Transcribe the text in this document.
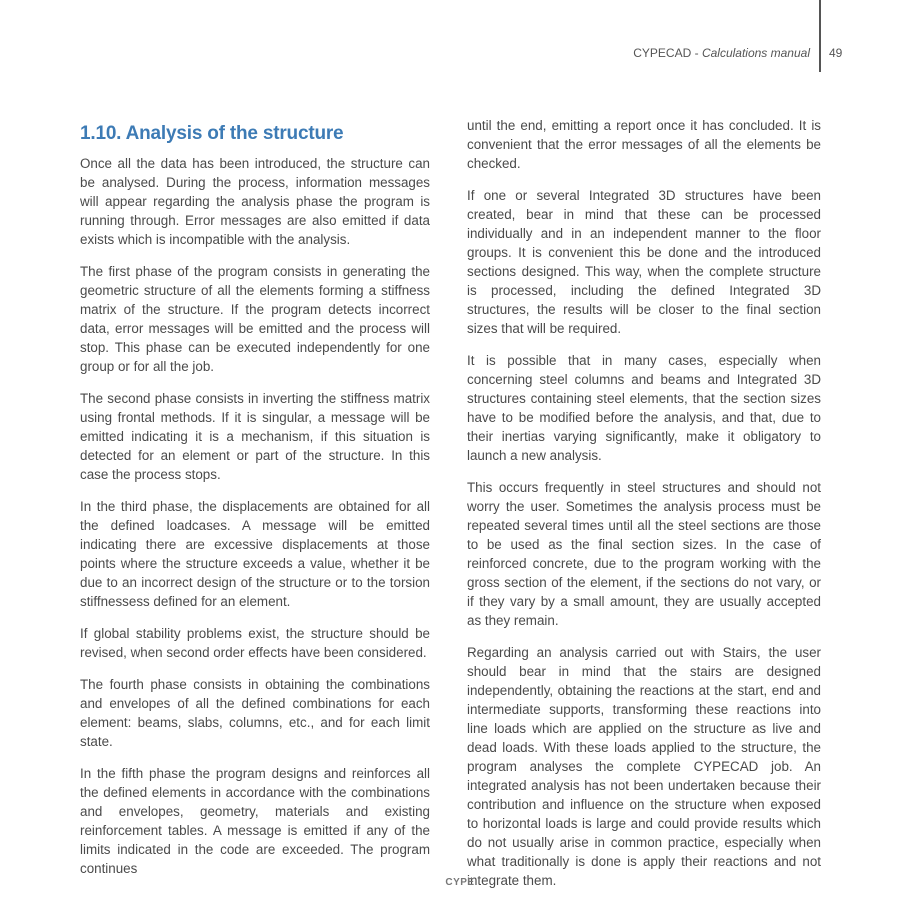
CYPECAD - Calculations manual 49
1.10. Analysis of the structure

Once all the data has been introduced, the structure can be analysed. During the process, information messages will appear regarding the analysis phase the program is running through. Error messages are also emitted if data exists which is incompatible with the analysis.

The first phase of the program consists in generating the geometric structure of all the elements forming a stiffness matrix of the structure. If the program detects incorrect data, error messages will be emitted and the process will stop. This phase can be executed independently for one group or for all the job.

The second phase consists in inverting the stiffness matrix using frontal methods. If it is singular, a message will be emitted indicating it is a mechanism, if this situation is detected for an element or part of the structure. In this case the process stops.

In the third phase, the displacements are obtained for all the defined loadcases. A message will be emitted indicating there are excessive displacements at those points where the structure exceeds a value, whether it be due to an incorrect design of the structure or to the torsion stiffnessess defined for an element.

If global stability problems exist, the structure should be revised, when second order effects have been considered.

The fourth phase consists in obtaining the combinations and envelopes of all the defined combinations for each element: beams, slabs, columns, etc., and for each limit state.

In the fifth phase the program designs and reinforces all the defined elements in accordance with the combinations and envelopes, geometry, materials and existing reinforcement tables. A message is emitted if any of the limits indicated in the code are exceeded. The program continues

until the end, emitting a report once it has concluded. It is convenient that the error messages of all the elements be checked.

If one or several Integrated 3D structures have been created, bear in mind that these can be processed individually and in an independent manner to the floor groups. It is convenient this be done and the introduced sections designed. This way, when the complete structure is processed, including the defined Integrated 3D structures, the results will be closer to the final section sizes that will be required.

It is possible that in many cases, especially when concerning steel columns and beams and Integrated 3D structures containing steel elements, that the section sizes have to be modified before the analysis, and that, due to their inertias varying significantly, make it obligatory to launch a new analysis.

This occurs frequently in steel structures and should not worry the user. Sometimes the analysis process must be repeated several times until all the steel sections are those to be used as the final section sizes. In the case of reinforced concrete, due to the program working with the gross section of the element, if the sections do not vary, or if they vary by a small amount, they are usually accepted as they remain.

Regarding an analysis carried out with Stairs, the user should bear in mind that the stairs are designed independently, obtaining the reactions at the start, end and intermediate supports, transforming these reactions into line loads which are applied on the structure as live and dead loads. With these loads applied to the structure, the program analyses the complete CYPECAD job. An integrated analysis has not been undertaken because their contribution and influence on the structure when exposed to horizontal loads is large and could provide results which do not usually arise in common practice, especially when what traditionally is done is apply their reactions and not integrate them.

CYPE
